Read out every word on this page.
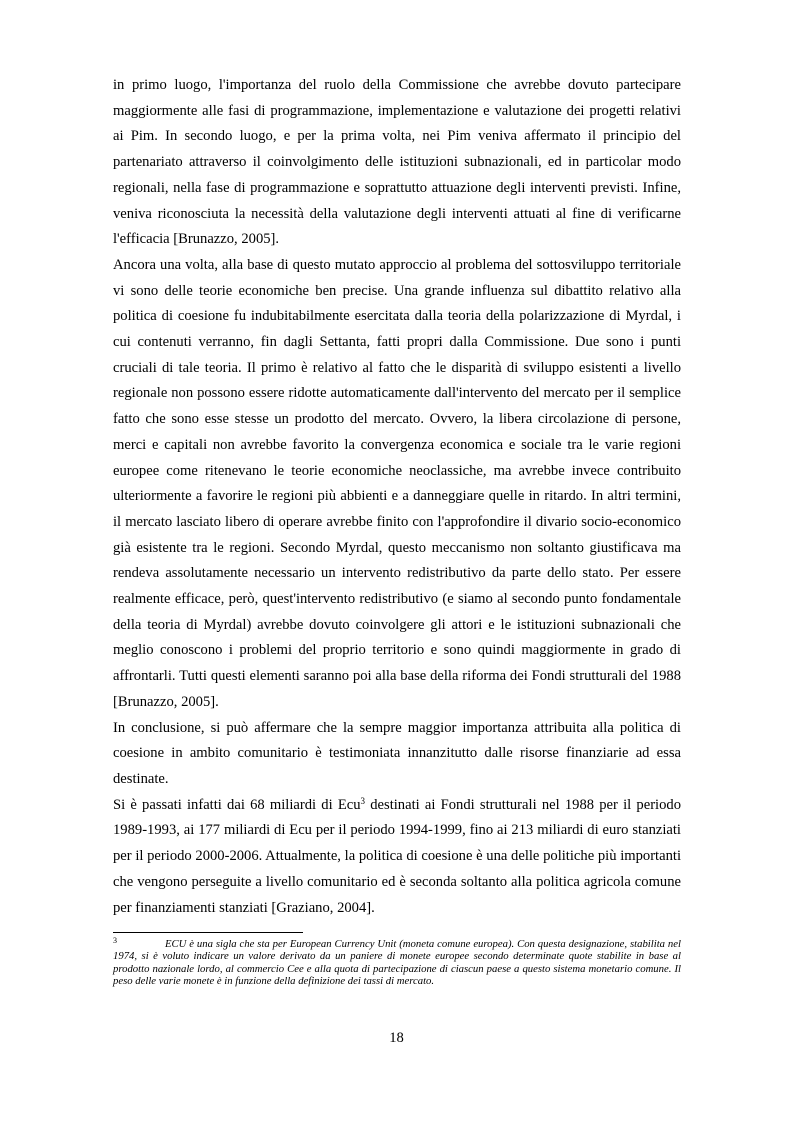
in primo luogo, l'importanza del ruolo della Commissione che avrebbe dovuto partecipare maggiormente alle fasi di programmazione, implementazione e valutazione dei progetti relativi ai Pim. In secondo luogo, e per la prima volta, nei Pim veniva affermato il principio del partenariato attraverso il coinvolgimento delle istituzioni subnazionali, ed in particolar modo regionali, nella fase di programmazione e soprattutto attuazione degli interventi previsti. Infine, veniva riconosciuta la necessità della valutazione degli interventi attuati al fine di verificarne l'efficacia [Brunazzo, 2005].

Ancora una volta, alla base di questo mutato approccio al problema del sottosviluppo territoriale vi sono delle teorie economiche ben precise. Una grande influenza sul dibattito relativo alla politica di coesione fu indubitabilmente esercitata dalla teoria della polarizzazione di Myrdal, i cui contenuti verranno, fin dagli Settanta, fatti propri dalla Commissione. Due sono i punti cruciali di tale teoria. Il primo è relativo al fatto che le disparità di sviluppo esistenti a livello regionale non possono essere ridotte automaticamente dall'intervento del mercato per il semplice fatto che sono esse stesse un prodotto del mercato. Ovvero, la libera circolazione di persone, merci e capitali non avrebbe favorito la convergenza economica e sociale tra le varie regioni europee come ritenevano le teorie economiche neoclassiche, ma avrebbe invece contribuito ulteriormente a favorire le regioni più abbienti e a danneggiare quelle in ritardo. In altri termini, il mercato lasciato libero di operare avrebbe finito con l'approfondire il divario socio-economico già esistente tra le regioni. Secondo Myrdal, questo meccanismo non soltanto giustificava ma rendeva assolutamente necessario un intervento redistributivo da parte dello stato. Per essere realmente efficace, però, quest'intervento redistributivo (e siamo al secondo punto fondamentale della teoria di Myrdal) avrebbe dovuto coinvolgere gli attori e le istituzioni subnazionali che meglio conoscono i problemi del proprio territorio e sono quindi maggiormente in grado di affrontarli. Tutti questi elementi saranno poi alla base della riforma dei Fondi strutturali del 1988 [Brunazzo, 2005].

In conclusione, si può affermare che la sempre maggior importanza attribuita alla politica di coesione in ambito comunitario è testimoniata innanzitutto dalle risorse finanziarie ad essa destinate.

Si è passati infatti dai 68 miliardi di Ecu$^3$ destinati ai Fondi strutturali nel 1988 per il periodo 1989-1993, ai 177 miliardi di Ecu per il periodo 1994-1999, fino ai 213 miliardi di euro stanziati per il periodo 2000-2006. Attualmente, la politica di coesione è una delle politiche più importanti che vengono perseguite a livello comunitario ed è seconda soltanto alla politica agricola comune per finanziamenti stanziati [Graziano, 2004].

3	ECU è una sigla che sta per European Currency Unit (moneta comune europea). Con questa designazione, stabilita nel 1974, si è voluto indicare un valore derivato da un paniere di monete europee secondo determinate quote stabilite in base al prodotto nazionale lordo, al commercio Cee e alla quota di partecipazione di ciascun paese a questo sistema monetario comune. Il peso delle varie monete è in funzione della definizione dei tassi di mercato.
18
